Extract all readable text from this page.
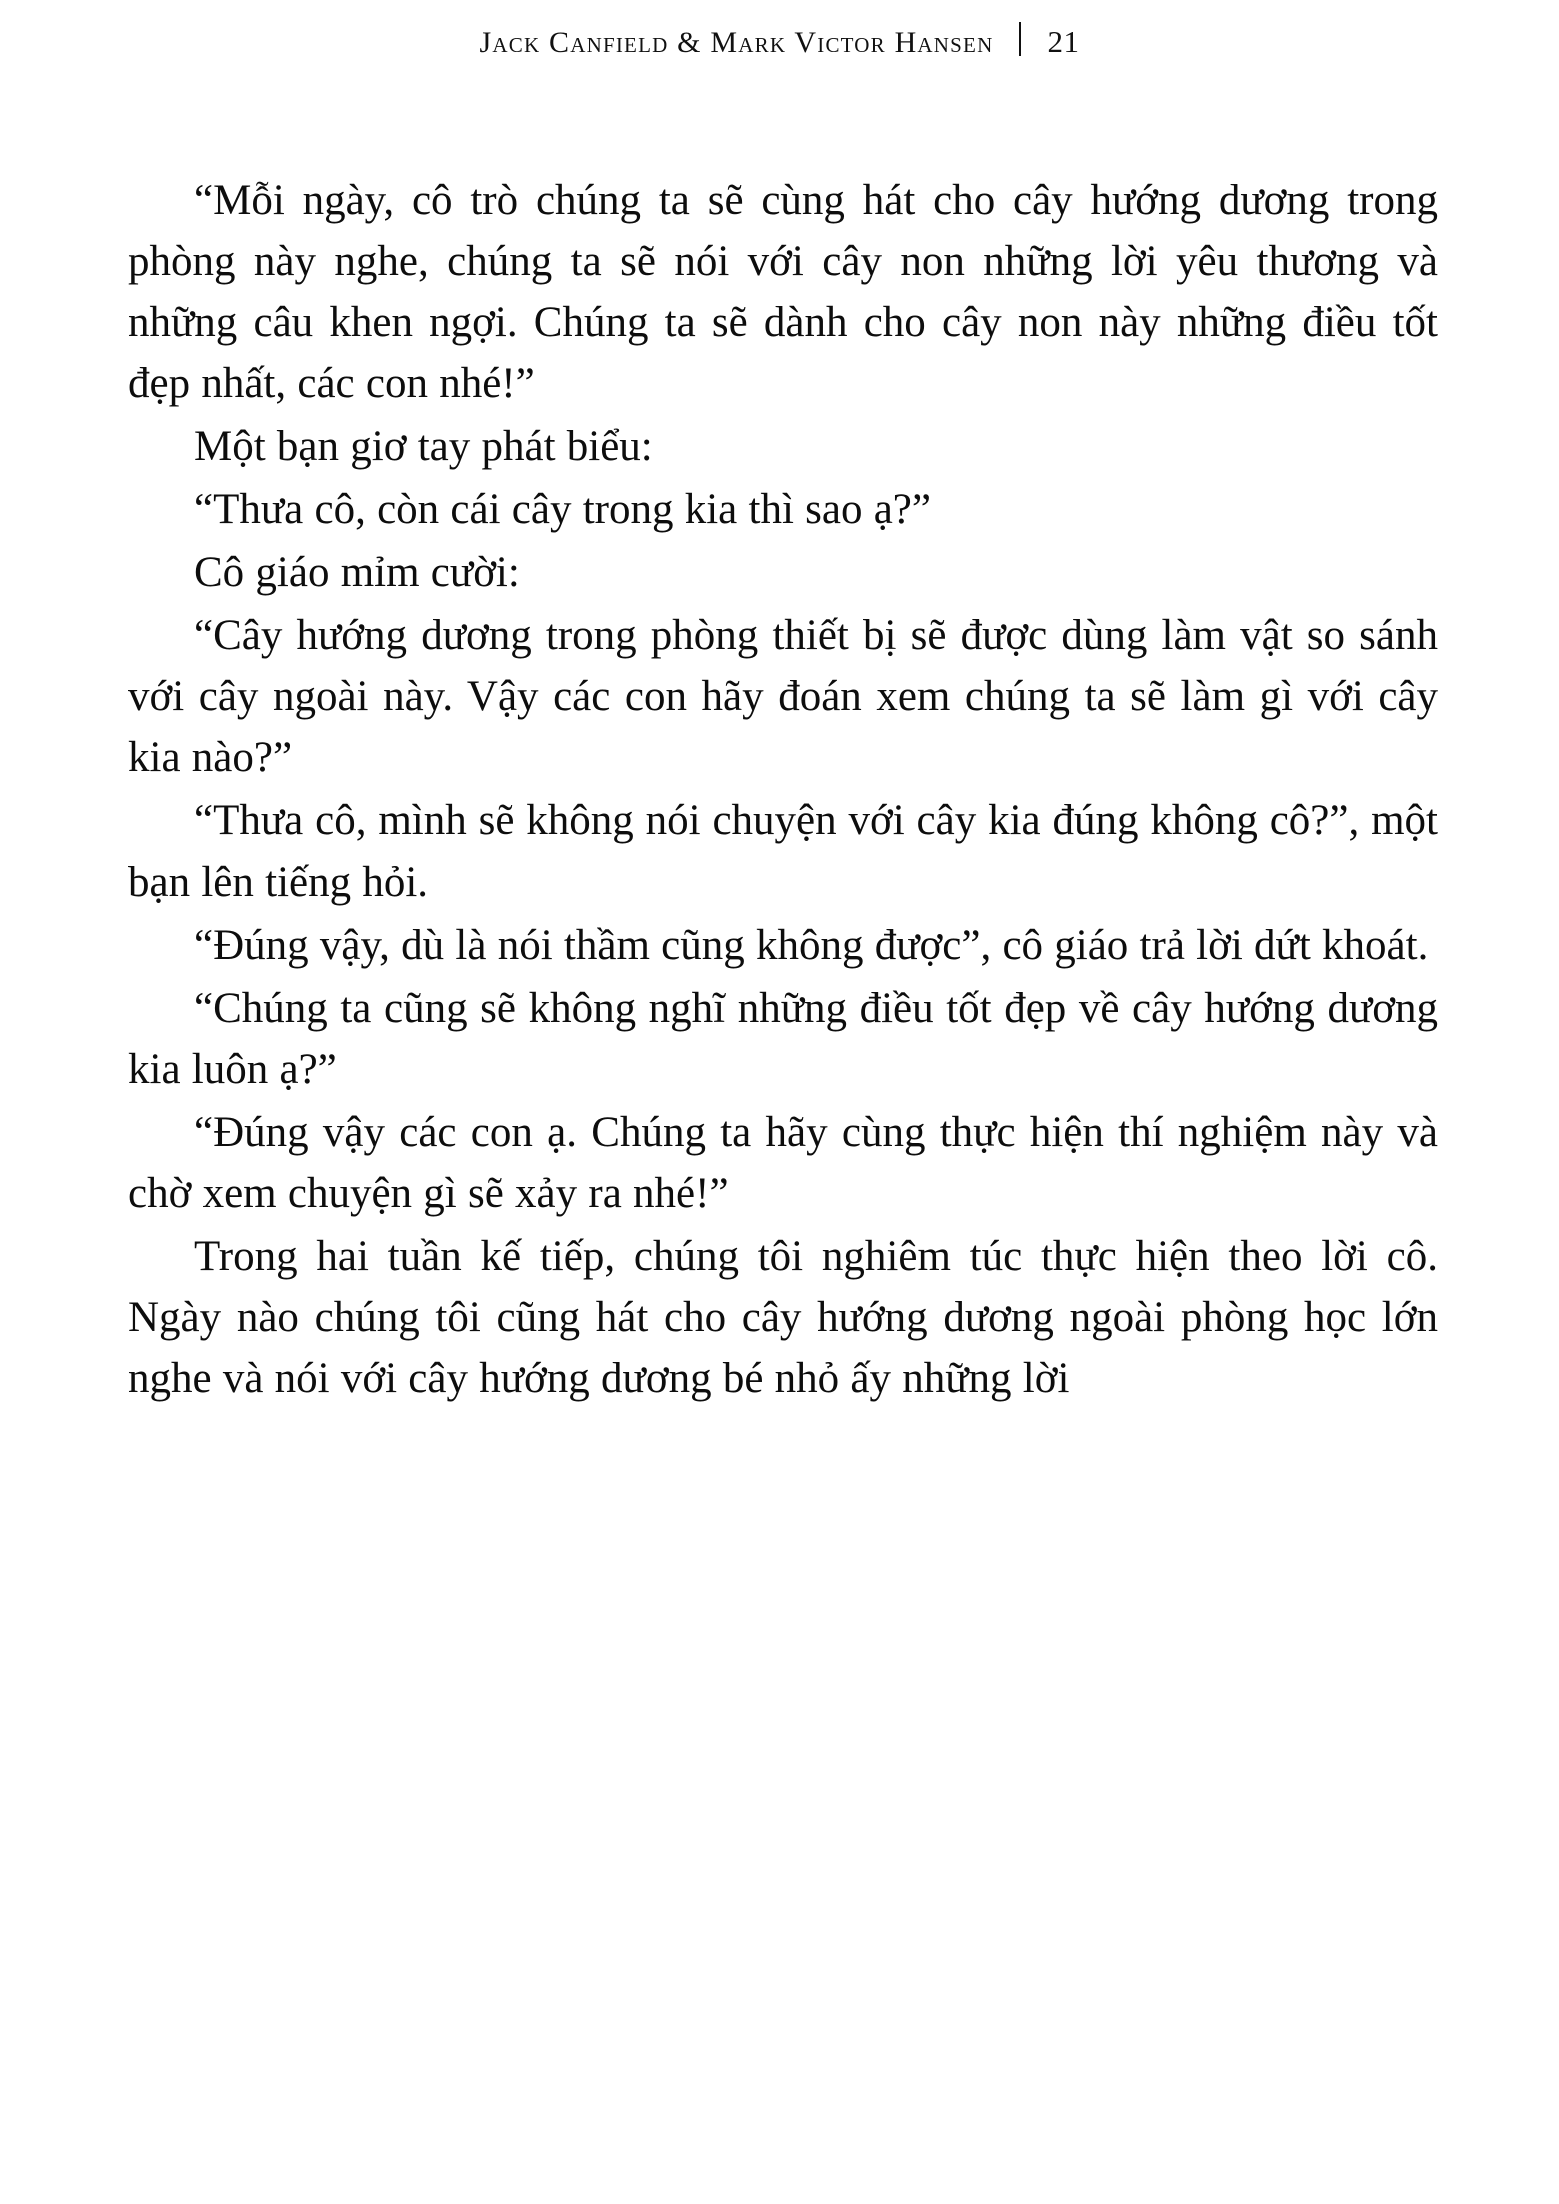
Jack Canfield & Mark Victor Hansen 21

“Mỗi ngày, cô trò chúng ta sẽ cùng hát cho cây hướng dương trong phòng này nghe, chúng ta sẽ nói với cây non những lời yêu thương và những câu khen ngợi. Chúng ta sẽ dành cho cây non này những điều tốt đẹp nhất, các con nhé!”

Một bạn giơ tay phát biểu:

“Thưa cô, còn cái cây trong kia thì sao ạ?”

Cô giáo mỉm cười:

“Cây hướng dương trong phòng thiết bị sẽ được dùng làm vật so sánh với cây ngoài này. Vậy các con hãy đoán xem chúng ta sẽ làm gì với cây kia nào?”

“Thưa cô, mình sẽ không nói chuyện với cây kia đúng không cô?”, một bạn lên tiếng hỏi.

“Đúng vậy, dù là nói thầm cũng không được”, cô giáo trả lời dứt khoát.

“Chúng ta cũng sẽ không nghĩ những điều tốt đẹp về cây hướng dương kia luôn ạ?”

“Đúng vậy các con ạ. Chúng ta hãy cùng thực hiện thí nghiệm này và chờ xem chuyện gì sẽ xảy ra nhé!”

Trong hai tuần kế tiếp, chúng tôi nghiêm túc thực hiện theo lời cô. Ngày nào chúng tôi cũng hát cho cây hướng dương ngoài phòng học lớn nghe và nói với cây hướng dương bé nhỏ ấy những lời
